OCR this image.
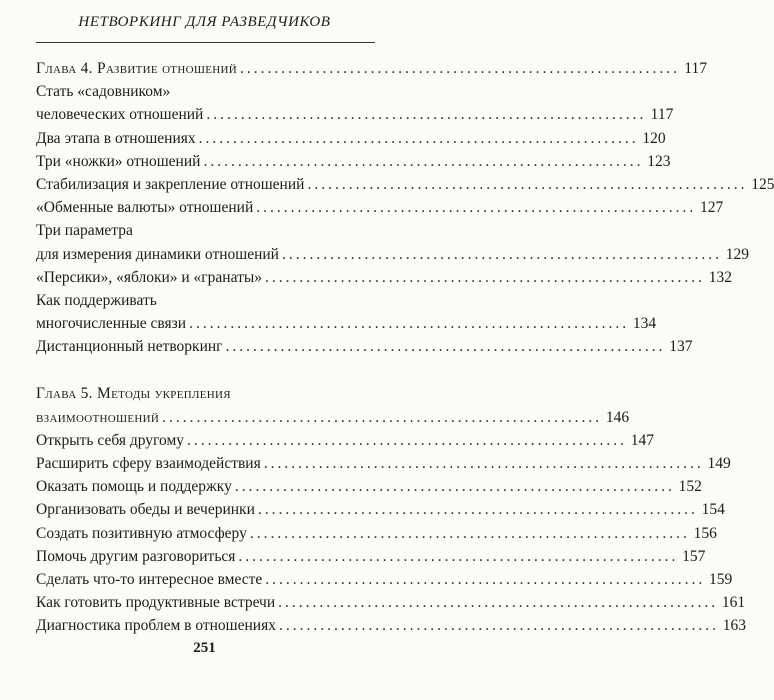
НЕТВОРКИНГ ДЛЯ РАЗВЕДЧИКОВ
Глава 4. Развитие отношений ................................................................ 117
Стать «садовником»
человеческих отношений ................................................................ 117
Два этапа в отношениях ................................................................ 120
Три «ножки» отношений ................................................................ 123
Стабилизация и закрепление отношений ................................................................ 125
«Обменные валюты» отношений ................................................................ 127
Три параметра
для измерения динамики отношений ................................................................ 129
«Персики», «яблоки» и «гранаты» ................................................................ 132
Как поддерживать
многочисленные связи ................................................................ 134
Дистанционный нетворкинг ................................................................ 137
Глава 5. Методы укрепления
взаимоотношений ................................................................ 146
Открыть себя другому ................................................................ 147
Расширить сферу взаимодействия ................................................................ 149
Оказать помощь и поддержку ................................................................ 152
Организовать обеды и вечеринки ................................................................ 154
Создать позитивную атмосферу ................................................................ 156
Помочь другим разговориться ................................................................ 157
Сделать что-то интересное вместе ................................................................ 159
Как готовить продуктивные встречи ................................................................ 161
Диагностика проблем в отношениях ................................................................ 163
251
